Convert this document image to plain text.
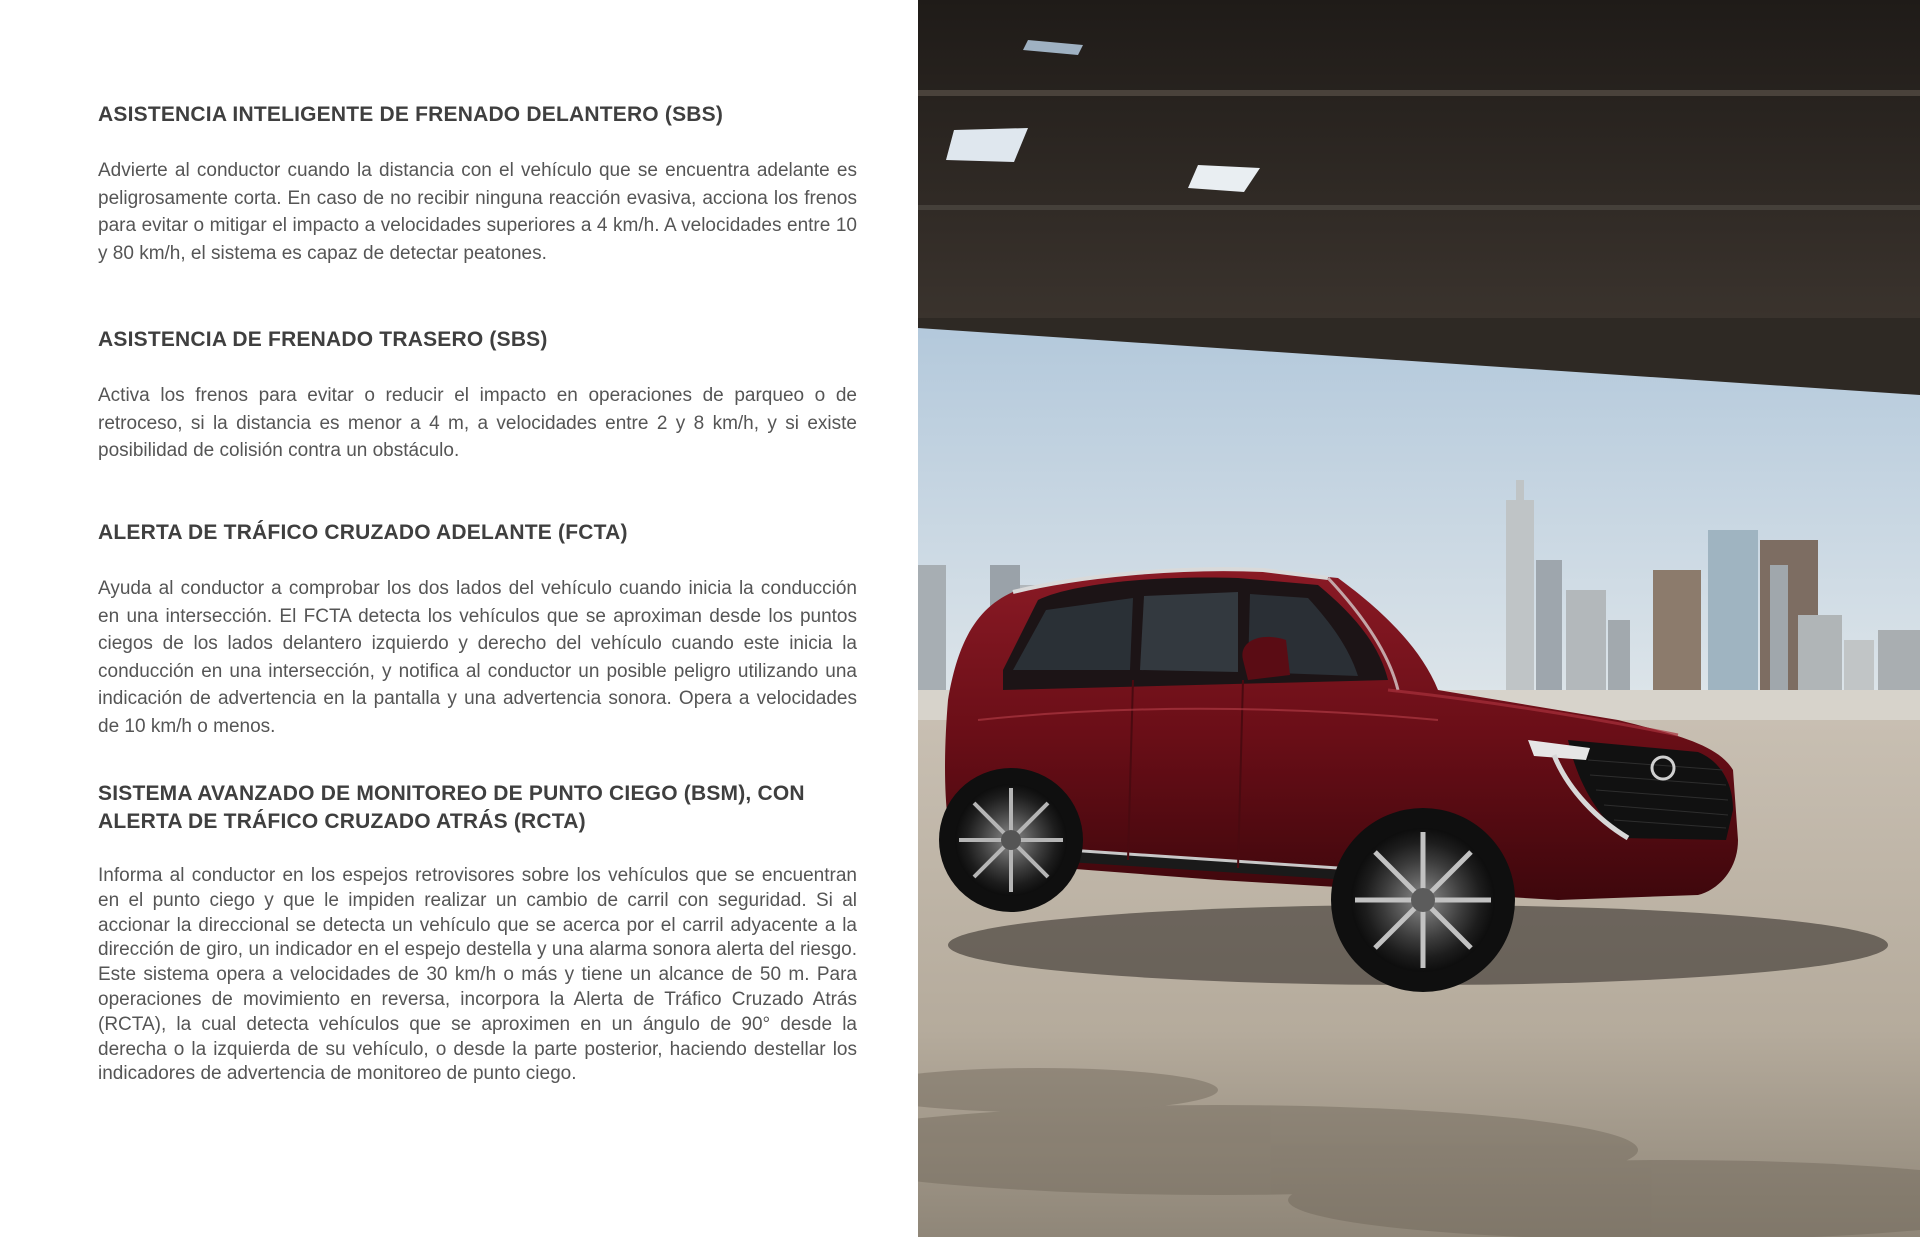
ASISTENCIA INTELIGENTE DE FRENADO DELANTERO (SBS)

Advierte al conductor cuando la distancia con el vehículo que se encuentra adelante es peligrosamente corta. En caso de no recibir ninguna reacción evasiva, acciona los frenos para evitar o mitigar el impacto a velocidades superiores a 4 km/h. A velocidades entre 10 y 80 km/h, el sistema es capaz de detectar peatones.

ASISTENCIA DE FRENADO TRASERO (SBS)

Activa los frenos para evitar o reducir el impacto en operaciones de parqueo o de retroceso, si la distancia es menor a 4 m, a velocidades entre 2 y 8 km/h, y si existe posibilidad de colisión contra un obstáculo.

ALERTA DE TRÁFICO CRUZADO ADELANTE (FCTA)

Ayuda al conductor a comprobar los dos lados del vehículo cuando inicia la conducción en una intersección. El FCTA detecta los vehículos que se aproximan desde los puntos ciegos de los lados delantero izquierdo y derecho del vehículo cuando este inicia la conducción en una intersección, y notifica al conductor un posible peligro utilizando una indicación de advertencia en la pantalla y una advertencia sonora. Opera a velocidades de 10 km/h o menos.

SISTEMA AVANZADO DE MONITOREO DE PUNTO CIEGO (BSM), CON ALERTA DE TRÁFICO CRUZADO ATRÁS (RCTA)

Informa al conductor en los espejos retrovisores sobre los vehículos que se encuentran en el punto ciego y que le impiden realizar un cambio de carril con seguridad. Si al accionar la direccional se detecta un vehículo que se acerca por el carril adyacente a la dirección de giro, un indicador en el espejo destella y una alarma sonora alerta del riesgo. Este sistema opera a velocidades de 30 km/h o más y tiene un alcance de 50 m. Para operaciones de movimiento en reversa, incorpora la Alerta de Tráfico Cruzado Atrás (RCTA), la cual detecta vehículos que se aproximen en un ángulo de 90° desde la derecha o la izquierda de su vehículo, o desde la parte posterior, haciendo destellar los indicadores de advertencia de monitoreo de punto ciego.
